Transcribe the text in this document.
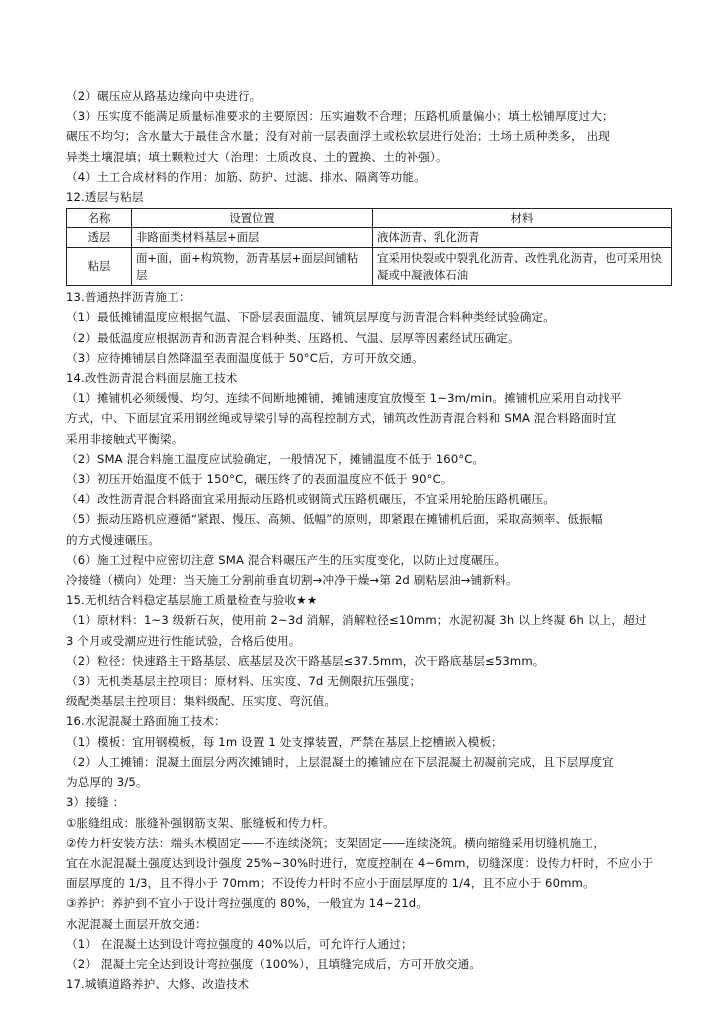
（2）碾压应从路基边缘向中央进行。
（3）压实度不能满足质量标准要求的主要原因：压实遍数不合理；压路机质量偏小；填土松铺厚度过大；
碾压不均匀；含水量大于最佳含水量；没有对前一层表面浮土或松软层进行处治；土场土质种类多， 出现
异类土壤混填；填土颗粒过大（治理：土质改良、土的置换、土的补强）。
（4）土工合成材料的作用：加筋、防护、过滤、排水、隔离等功能。
12.透层与粘层
名称	设置位置	材料
透层	非路面类材料基层+面层	液体沥青、乳化沥青
粘层	面+面，面+构筑物，沥青基层+面层间铺粘层	宜采用快裂或中裂乳化沥青、改性乳化沥青，也可采用快凝或中凝液体石油
13.普通热拌沥青施工：
（1）最低摊铺温度应根据气温、下卧层表面温度、铺筑层厚度与沥青混合料种类经试验确定。
（2）最低温度应根据沥青和沥青混合料种类、压路机、气温、层厚等因素经试压确定。
（3）应待摊铺层自然降温至表面温度低于 50°C后，方可开放交通。
14.改性沥青混合料面层施工技术
（1）摊铺机必须缓慢、均匀、连续不间断地摊铺，摊铺速度宜放慢至 1~3m/min。摊铺机应采用自动找平
方式，中、下面层宜采用钢丝绳或导梁引导的高程控制方式，铺筑改性沥青混合料和 SMA 混合料路面时宜
采用非接触式平衡梁。
（2）SMA 混合料施工温度应试验确定，一般情况下，摊铺温度不低于 160°C。
（3）初压开始温度不低于 150°C，碾压终了的表面温度应不低于 90°C。
（4）改性沥青混合料路面宜采用振动压路机或钢筒式压路机碾压，不宜采用轮胎压路机碾压。
（5）振动压路机应遵循“紧跟、慢压、高频、低幅”的原则，即紧跟在摊铺机后面，采取高频率、低振幅
的方式慢速碾压。
（6）施工过程中应密切注意 SMA 混合料碾压产生的压实度变化，以防止过度碾压。
冷接缝（横向）处理：当天施工分割前垂直切割→冲净干燥→第 2d 刷粘层油→铺新料。
15.无机结合料稳定基层施工质量检查与验收★★
（1）原材料：1~3 级新石灰，使用前 2~3d 消解，消解粒径≤10mm；水泥初凝 3h 以上终凝 6h 以上，超过
3 个月或受潮应进行性能试验，合格后使用。
（2）粒径：快速路主干路基层、底基层及次干路基层≤37.5mm，次干路底基层≤53mm。
（3）无机类基层主控项目：原材料、压实度、7d 无侧限抗压强度；
级配类基层主控项目：集料级配、压实度、弯沉值。
16.水泥混凝土路面施工技术：
（1）模板：宜用钢模板，每 1m 设置 1 处支撑装置，严禁在基层上挖槽嵌入模板；
（2）人工摊铺：混凝土面层分两次摊铺时，上层混凝土的摊铺应在下层混凝土初凝前完成，且下层厚度宜
为总厚的 3/5。
3）接缝 ：
①胀缝组成：胀缝补强钢筋支架、胀缝板和传力杆。
②传力杆安装方法：端头木模固定——不连续浇筑；支架固定——连续浇筑。横向缩缝采用切缝机施工，
宜在水泥混凝土强度达到设计强度 25%~30%时进行，宽度控制在 4~6mm，切缝深度：设传力杆时，不应小于
面层厚度的 1/3，且不得小于 70mm；不设传力杆时不应小于面层厚度的 1/4，且不应小于 60mm。
③养护：养护到不宜小于设计弯拉强度的 80%，一般宜为 14~21d。
水泥混凝土面层开放交通：
（1） 在混凝土达到设计弯拉强度的 40%以后，可允许行人通过；
（2） 混凝土完全达到设计弯拉强度（100%），且填缝完成后，方可开放交通。
17.城镇道路养护、大修、改造技术
